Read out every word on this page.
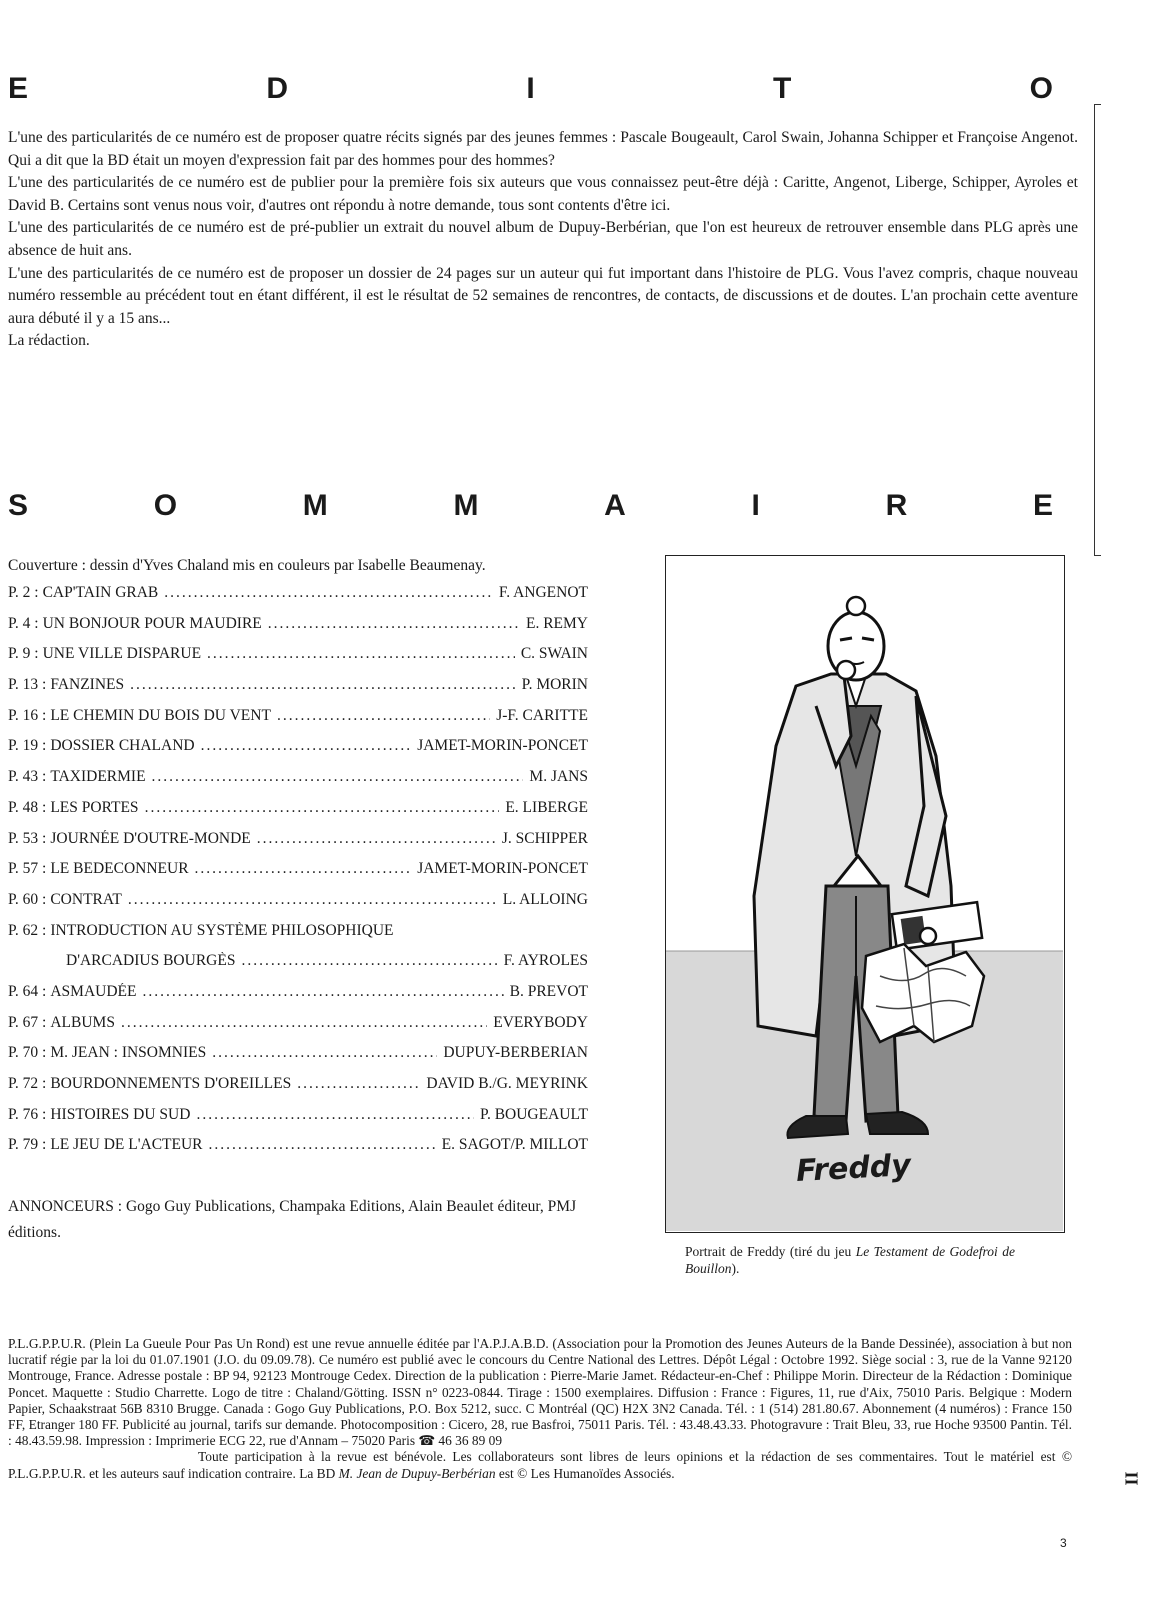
E	D	I	T	O

L'une des particularités de ce numéro est de proposer quatre récits signés par des jeunes femmes : Pascale Bougeault, Carol Swain, Johanna Schipper et Françoise Angenot. Qui a dit que la BD était un moyen d'expression fait par des hommes pour des hommes?

L'une des particularités de ce numéro est de publier pour la première fois six auteurs que vous connaissez peut-être déjà : Caritte, Angenot, Liberge, Schipper, Ayroles et David B. Certains sont venus nous voir, d'autres ont répondu à notre demande, tous sont contents d'être ici.

L'une des particularités de ce numéro est de pré-publier un extrait du nouvel album de Dupuy-Berbérian, que l'on est heureux de retrouver ensemble dans PLG après une absence de huit ans.

L'une des particularités de ce numéro est de proposer un dossier de 24 pages sur un auteur qui fut important dans l'histoire de PLG. Vous l'avez compris, chaque nouveau numéro ressemble au précédent tout en étant différent, il est le résultat de 52 semaines de rencontres, de contacts, de discussions et de doutes. L'an prochain cette aventure aura débuté il y a 15 ans...

La rédaction.

S	O	M	M	A	I	R	E
Couverture : dessin d'Yves Chaland mis en couleurs par Isabelle Beaumenay.
P. 2 : CAP'TAIN GRAB .....	F. ANGENOT
P. 4 : UN BONJOUR POUR MAUDIRE .....	E. REMY
P. 9 : UNE VILLE DISPARUE .....	C. SWAIN
P. 13 : FANZINES .....	P. MORIN
P. 16 : LE CHEMIN DU BOIS DU VENT .....	J-F. CARITTE
P. 19 : DOSSIER CHALAND .....	JAMET-MORIN-PONCET
P. 43 : TAXIDERMIE .....	M. JANS
P. 48 : LES PORTES .....	E. LIBERGE
P. 53 : JOURNÉE D'OUTRE-MONDE .....	J. SCHIPPER
P. 57 : LE BEDECONNEUR .....	JAMET-MORIN-PONCET
P. 60 : CONTRAT .....	L. ALLOING
P. 62 : INTRODUCTION AU SYSTÈME PHILOSOPHIQUE
D'ARCADIUS BOURGÈS .....	F. AYROLES
P. 64 : ASMAUDÉE .....	B. PREVOT
P. 67 : ALBUMS .....	EVERYBODY
P. 70 : M. JEAN : INSOMNIES .....	DUPUY-BERBERIAN
P. 72 : BOURDONNEMENTS D'OREILLES .....	DAVID B./G. MEYRINK
P. 76 : HISTOIRES DU SUD .....	P. BOUGEAULT
P. 79 : LE JEU DE L'ACTEUR .....	E. SAGOT/P. MILLOT
ANNONCEURS : Gogo Guy Publications, Champaka Editions, Alain Beaulet éditeur, PMJ éditions.
Freddy
Portrait de Freddy (tiré du jeu Le Testament de Godefroi de Bouillon).

P.L.G.P.P.U.R. (Plein La Gueule Pour Pas Un Rond) est une revue annuelle éditée par l'A.P.J.A.B.D. (Association pour la Promotion des Jeunes Auteurs de la Bande Dessinée), association à but non lucratif régie par la loi du 01.07.1901 (J.O. du 09.09.78). Ce numéro est publié avec le concours du Centre National des Lettres. Dépôt Légal : Octobre 1992. Siège social : 3, rue de la Vanne 92120 Montrouge, France. Adresse postale : BP 94, 92123 Montrouge Cedex. Direction de la publication : Pierre-Marie Jamet. Rédacteur-en-Chef : Philippe Morin. Directeur de la Rédaction : Dominique Poncet. Maquette : Studio Charrette. Logo de titre : Chaland/Götting. ISSN n° 0223-0844. Tirage : 1500 exemplaires. Diffusion : France : Figures, 11, rue d'Aix, 75010 Paris. Belgique : Modern Papier, Schaakstraat 56B 8310 Brugge. Canada : Gogo Guy Publications, P.O. Box 5212, succ. C Montréal (QC) H2X 3N2 Canada. Tél. : 1 (514) 281.80.67. Abonnement (4 numéros) : France 150 FF, Etranger 180 FF. Publicité au journal, tarifs sur demande. Photocomposition : Cicero, 28, rue Basfroi, 75011 Paris. Tél. : 43.48.43.33. Photogravure : Trait Bleu, 33, rue Hoche 93500 Pantin. Tél. : 48.43.59.98. Impression : Imprimerie ECG 22, rue d'Annam – 75020 Paris ☎ 46 36 89 09

Toute participation à la revue est bénévole. Les collaborateurs sont libres de leurs opinions et la rédaction de ses commentaires. Tout le matériel est © P.L.G.P.P.U.R. et les auteurs sauf indication contraire. La BD M. Jean de Dupuy-Berbérian est © Les Humanoïdes Associés.	II
3
